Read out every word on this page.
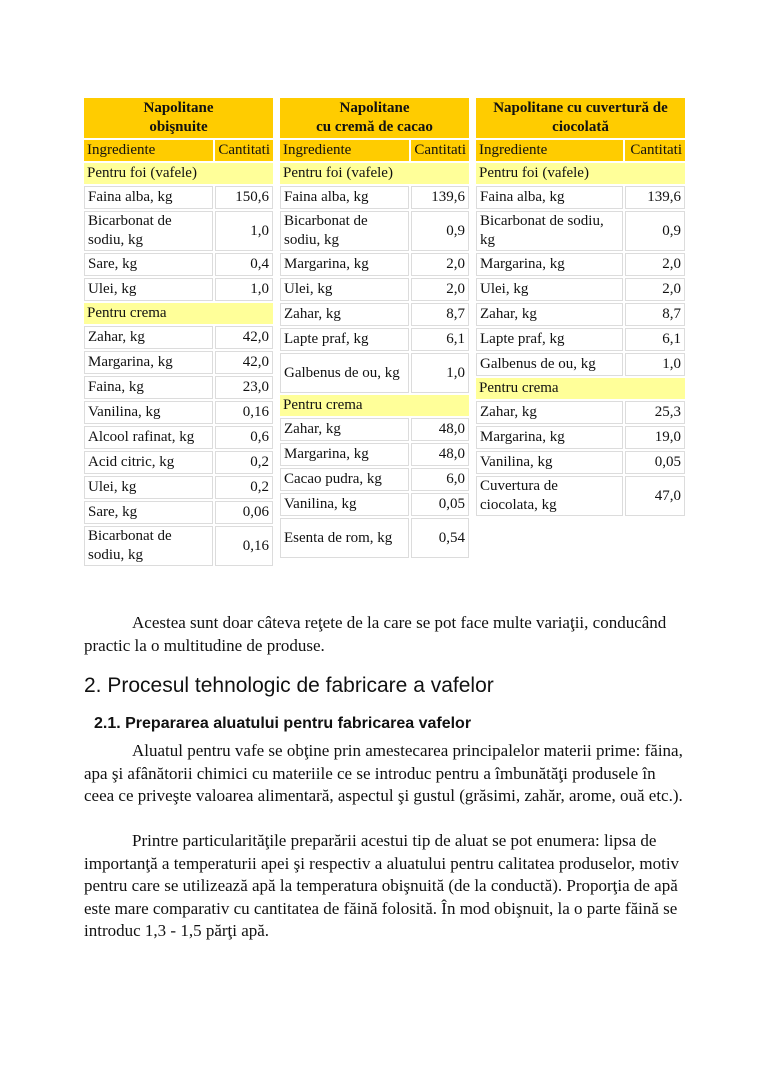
Napolitane
obişnuite	
Ingrediente	Cantitati
Pentru foi (vafele)	
Faina alba, kg	150,6
Bicarbonat de sodiu, kg	1,0
Sare, kg	0,4
Ulei, kg	1,0
Pentru crema	
Zahar, kg	42,0
Margarina, kg	42,0
Faina, kg	23,0
Vanilina, kg	0,16
Alcool rafinat, kg	0,6
Acid citric, kg	0,2
Ulei, kg	0,2
Sare, kg	0,06
Bicarbonat de sodiu, kg	0,16
Napolitane
cu cremă de cacao	
Ingrediente	Cantitati
Pentru foi (vafele)	
Faina alba, kg	139,6
Bicarbonat de sodiu, kg	0,9
Margarina, kg	2,0
Ulei, kg	2,0
Zahar, kg	8,7
Lapte praf, kg	6,1
Galbenus de ou, kg	1,0
Pentru crema	
Zahar, kg	48,0
Margarina, kg	48,0
Cacao pudra, kg	6,0
Vanilina, kg	0,05
Esenta de rom, kg	0,54
Napolitane cu cuvertură de ciocolată	
Ingrediente	Cantitati
Pentru foi (vafele)	
Faina alba, kg	139,6
Bicarbonat de sodiu, kg	0,9
Margarina, kg	2,0
Ulei, kg	2,0
Zahar, kg	8,7
Lapte praf, kg	6,1
Galbenus de ou, kg	1,0
Pentru crema	
Zahar, kg	25,3
Margarina, kg	19,0
Vanilina, kg	0,05
Cuvertura de ciocolata, kg	47,0

Acestea sunt doar câteva reţete de la care se pot face multe variaţii, conducând practic la o multitudine de produse.

2. Procesul tehnologic de fabricare a vafelor
2.1. Prepararea aluatului pentru fabricarea vafelor

Aluatul pentru vafe se obţine prin amestecarea principalelor materii prime: făina, apa şi afânătorii chimici cu materiile ce se introduc pentru a îmbunătăţi produsele în ceea ce priveşte valoarea alimentară, aspectul şi gustul (grăsimi, zahăr, arome, ouă etc.).

Printre particularităţile preparării acestui tip de aluat se pot enumera: lipsa de importanţă a temperaturii apei şi respectiv a aluatului pentru calitatea produselor, motiv pentru care se utilizează apă la temperatura obişnuită (de la conductă). Proporţia de apă este mare comparativ cu cantitatea de făină folosită. În mod obişnuit, la o parte făină se introduc 1,3 - 1,5 părţi apă.
